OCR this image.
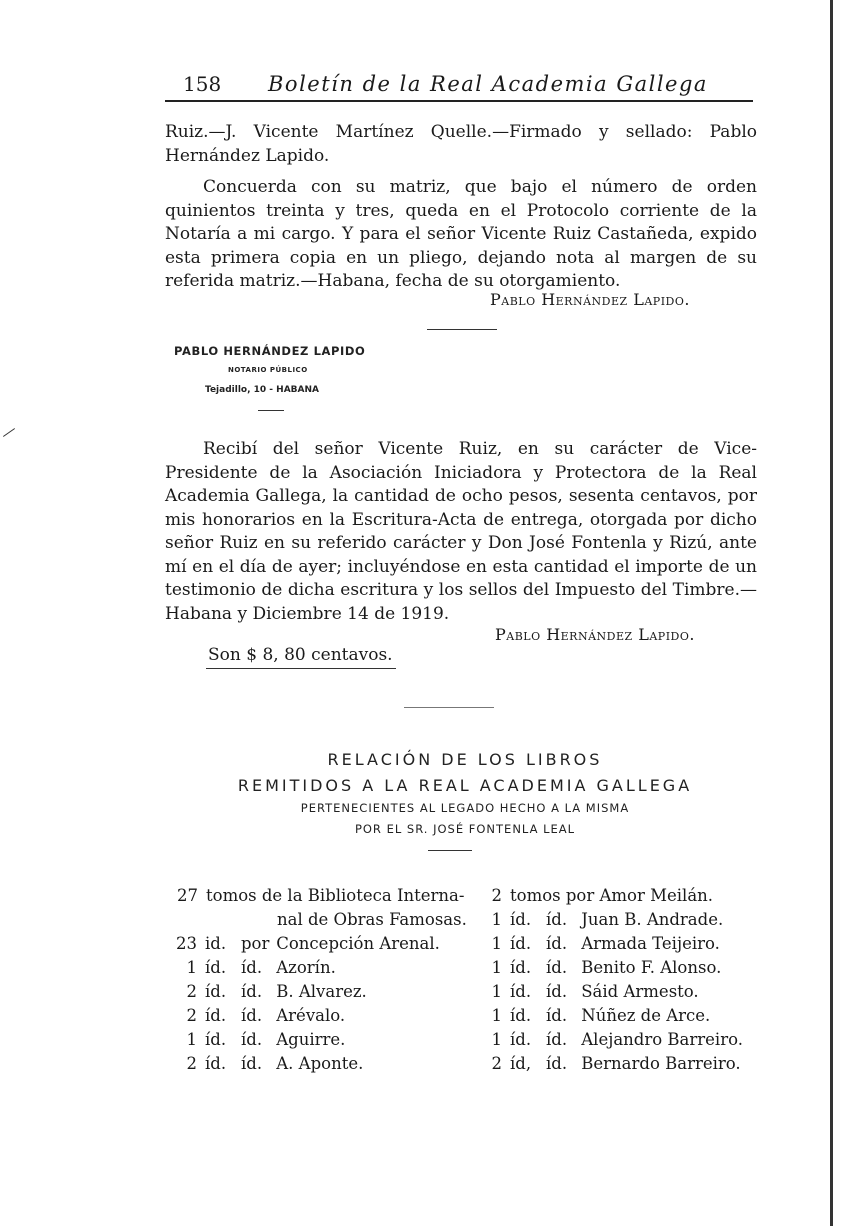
158 Boletín de la Real Academia Gallega
Ruiz.—J. Vicente Martínez Quelle.—Firmado y sellado: Pablo Hernández Lapido.
Concuerda con su matriz, que bajo el número de orden quinientos treinta y tres, queda en el Protocolo corriente de la Notaría a mi cargo. Y para el señor Vicente Ruiz Castañeda, expido esta primera copia en un pliego, dejando nota al margen de su referida matriz.—Habana, fecha de su otorgamiento.
Pablo Hernández Lapido.
PABLO HERNÁNDEZ LAPIDO
NOTARIO PÚBLICO
Tejadillo, 10 - HABANA
Recibí del señor Vicente Ruiz, en su carácter de Vice-Presidente de la Asociación Iniciadora y Protectora de la Real Academia Gallega, la cantidad de ocho pesos, sesenta centavos, por mis honorarios en la Escritura-Acta de entrega, otorgada por dicho señor Ruiz en su referido carácter y Don José Fontenla y Rizú, ante mí en el día de ayer; incluyéndose en esta cantidad el importe de un testimonio de dicha escritura y los sellos del Impuesto del Timbre.—Habana y Diciembre 14 de 1919.
Pablo Hernández Lapido.
Son $ 8, 80 centavos.
RELACIÓN DE LOS LIBROS
REMITIDOS A LA REAL ACADEMIA GALLEGA
PERTENECIENTES AL LEGADO HECHO A LA MISMA
POR EL SR. JOSÉ FONTENLA LEAL
27 tomos de la Biblioteca Interna-
nal de Obras Famosas.
23 id. por Concepción Arenal.
1 íd. íd. Azorín.
2 íd. íd. B. Alvarez.
2 íd. íd. Arévalo.
1 íd. íd. Aguirre.
2 íd. íd. A. Aponte.
2 tomos por Amor Meilán.
1 íd. íd. Juan B. Andrade.
1 íd. íd. Armada Teijeiro.
1 íd. íd. Benito F. Alonso.
1 íd. íd. Sáid Armesto.
1 íd. íd. Núñez de Arce.
1 íd. íd. Alejandro Barreiro.
2 íd, íd. Bernardo Barreiro.
